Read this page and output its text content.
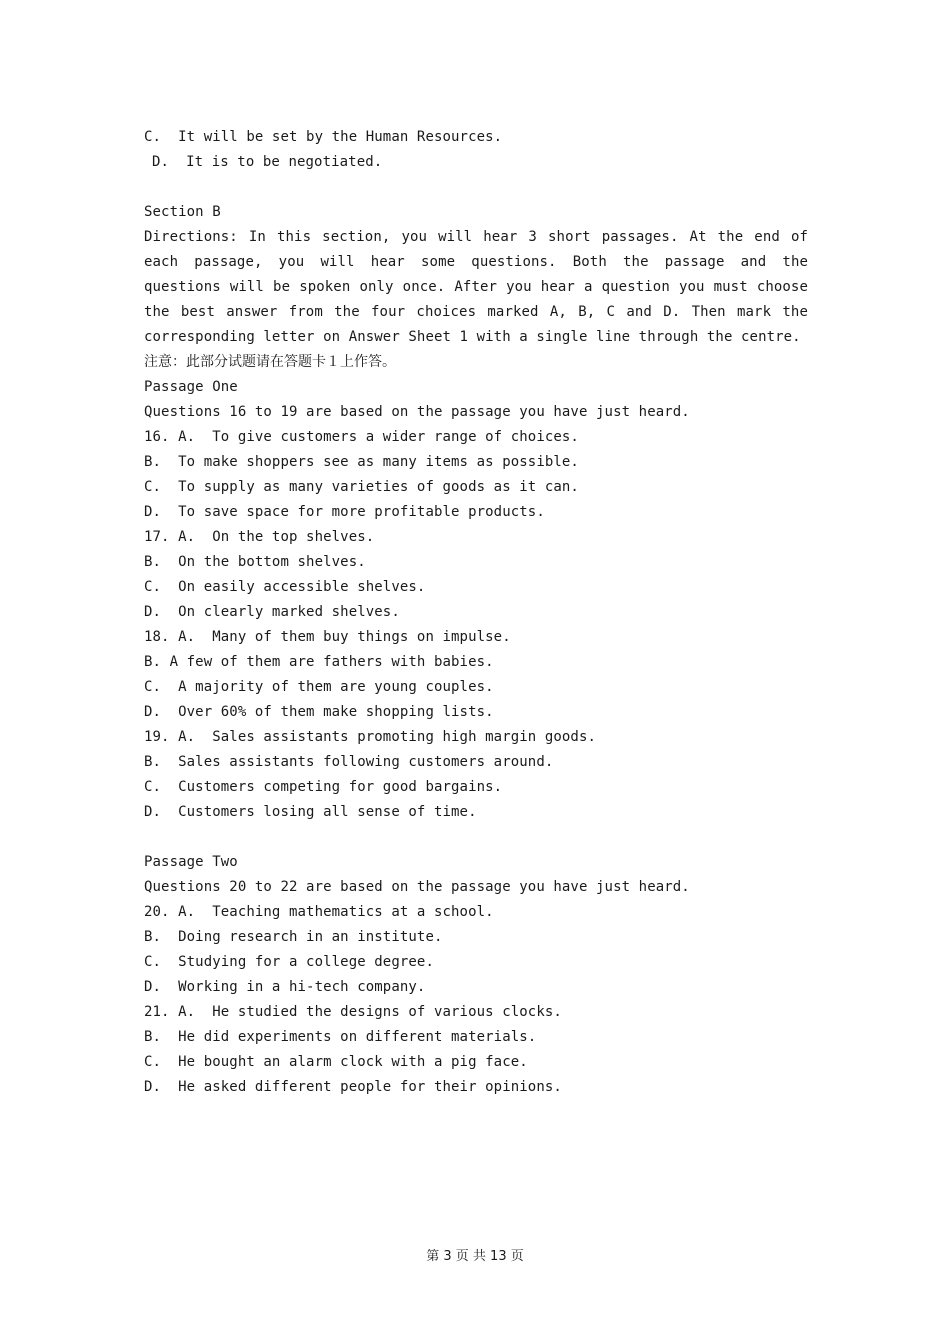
C.  It will be set by the Human Resources.
D.  It is to be negotiated.
Section B
Directions: In this section, you will hear 3 short passages. At the end of each passage, you will hear some questions. Both the passage and the questions will be spoken only once. After you hear a question you must choose the best answer from the four choices marked A, B, C and D. Then mark the corresponding letter on Answer Sheet 1 with a single line through the centre.
注意：此部分试题请在答题卡１上作答。
Passage One
Questions 16 to 19 are based on the passage you have just heard.
16. A.  To give customers a wider range of choices.
B.  To make shoppers see as many items as possible.
C.  To supply as many varieties of goods as it can.
D.  To save space for more profitable products.
17. A.  On the top shelves.
B.  On the bottom shelves.
C.  On easily accessible shelves.
D.  On clearly marked shelves.
18. A.  Many of them buy things on impulse.
B. A few of them are fathers with babies.
C.  A majority of them are young couples.
D.  Over 60% of them make shopping lists.
19. A.  Sales assistants promoting high margin goods.
B.  Sales assistants following customers around.
C.  Customers competing for good bargains.
D.  Customers losing all sense of time.
Passage Two
Questions 20 to 22 are based on the passage you have just heard.
20. A.  Teaching mathematics at a school.
B.  Doing research in an institute.
C.  Studying for a college degree.
D.  Working in a hi-tech company.
21. A.  He studied the designs of various clocks.
B.  He did experiments on different materials.
C.  He bought an alarm clock with a pig face.
D.  He asked different people for their opinions.
第 3 页 共 13 页
